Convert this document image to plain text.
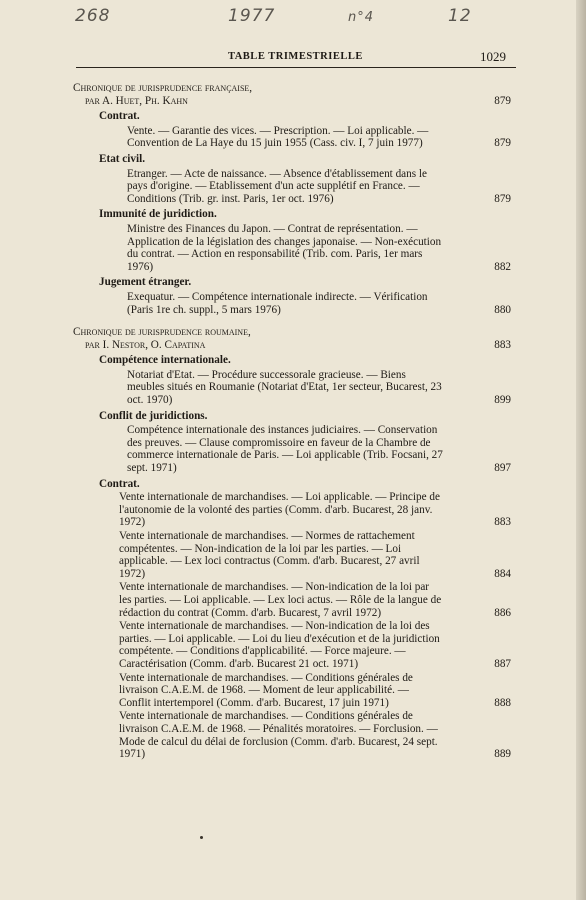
268	1977	n°4	12
TABLE TRIMESTRIELLE	1029
Chronique de jurisprudence française,
par A. Huet, Ph. Kahn	879
Contrat.
Vente. — Garantie des vices. — Prescription. — Loi applicable. — Convention de La Haye du 15 juin 1955 (Cass. civ. I, 7 juin 1977)	879
Etat civil.
Etranger. — Acte de naissance. — Absence d'établissement dans le pays d'origine. — Etablissement d'un acte supplétif en France. — Conditions (Trib. gr. inst. Paris, 1er oct. 1976)	879
Immunité de juridiction.
Ministre des Finances du Japon. — Contrat de représentation. — Application de la législation des changes japonaise. — Non-exécution du contrat. — Action en responsabilité (Trib. com. Paris, 1er mars 1976)	882
Jugement étranger.
Exequatur. — Compétence internationale indirecte. — Vérification (Paris 1re ch. suppl., 5 mars 1976)	880
Chronique de jurisprudence roumaine,
par I. Nestor, O. Capatina	883
Compétence internationale.
Notariat d'Etat. — Procédure successorale gracieuse. — Biens meubles situés en Roumanie (Notariat d'Etat, 1er secteur, Bucarest, 23 oct. 1970)	899
Conflit de juridictions.
Compétence internationale des instances judiciaires. — Conservation des preuves. — Clause compromissoire en faveur de la Chambre de commerce internationale de Paris. — Loi applicable (Trib. Focsani, 27 sept. 1971)	897
Contrat.
Vente internationale de marchandises. — Loi applicable. — Principe de l'autonomie de la volonté des parties (Comm. d'arb. Bucarest, 28 janv. 1972)	883
Vente internationale de marchandises. — Normes de rattachement compétentes. — Non-indication de la loi par les parties. — Loi applicable. — Lex loci contractus (Comm. d'arb. Bucarest, 27 avril 1972)	884
Vente internationale de marchandises. — Non-indication de la loi par les parties. — Loi applicable. — Lex loci actus. — Rôle de la langue de rédaction du contrat (Comm. d'arb. Bucarest, 7 avril 1972)	886
Vente internationale de marchandises. — Non-indication de la loi des parties. — Loi applicable. — Loi du lieu d'exécution et de la juridiction compétente. — Conditions d'applicabilité. — Force majeure. — Caractérisation (Comm. d'arb. Bucarest 21 oct. 1971)	887
Vente internationale de marchandises. — Conditions générales de livraison C.A.E.M. de 1968. — Moment de leur applicabilité. — Conflit intertemporel (Comm. d'arb. Bucarest, 17 juin 1971)	888
Vente internationale de marchandises. — Conditions générales de livraison C.A.E.M. de 1968. — Pénalités moratoires. — Forclusion. — Mode de calcul du délai de forclusion (Comm. d'arb. Bucarest, 24 sept. 1971)	889
